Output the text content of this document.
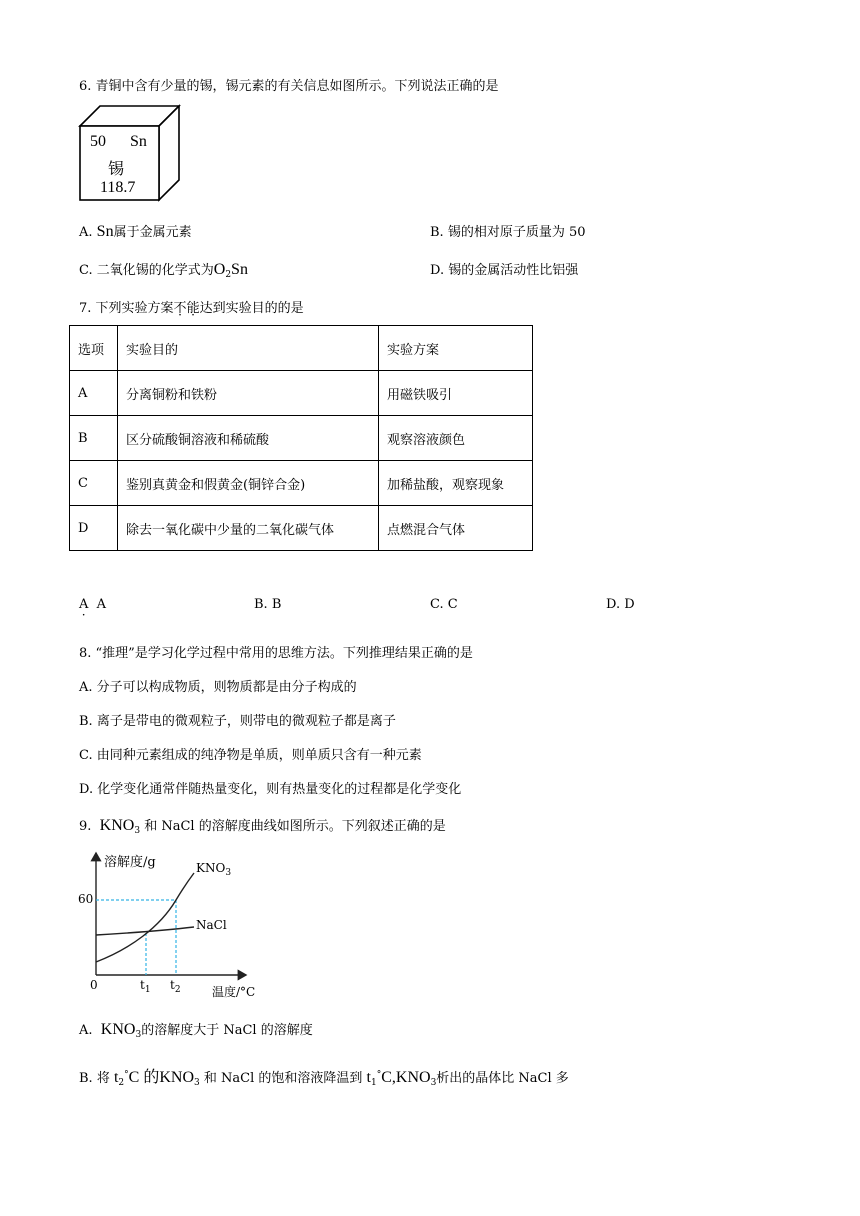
6. 青铜中含有少量的锡，锡元素的有关信息如图所示。下列说法正确的是
50 Sn
锡
118.7
A. Sn属于金属元素	B. 锡的相对原子质量为 50
C. 二氧化锡的化学式为$O_2Sn$	D. 锡的金属活动性比铝强
7. 下列实验方案不能达到实验目的的是
选项	实验目的	实验方案
A	分离铜粉和铁粉	用磁铁吸引
B	区分硫酸铜溶液和稀硫酸	观察溶液颜色
C	鉴别真黄金和假黄金(铜锌合金)	加稀盐酸，观察现象
D	除去一氧化碳中少量的二氧化碳气体	点燃混合气体
A · A	B. B	C. C	D. D
8. “推理”是学习化学过程中常用的思维方法。下列推理结果正确的是
A. 分子可以构成物质，则物质都是由分子构成的
B. 离子是带电的微观粒子，则带电的微观粒子都是离子
C. 由同种元素组成的纯净物是单质，则单质只含有一种元素
D. 化学变化通常伴随热量变化，则有热量变化的过程都是化学变化
9. $KNO_3$ 和 NaCl 的溶解度曲线如图所示。下列叙述正确的是
溶解度/g	$KNO_3$
NaCl
60
0	$t_1$ $t_2$	温度/°C
A. $KNO_3$的溶解度大于 NaCl 的溶解度
B. 将 $t_2^\circ C$ 的$KNO_3$ 和 NaCl 的饱和溶液降温到 $t_1^\circ C,KNO_3$析出的晶体比 NaCl 多
